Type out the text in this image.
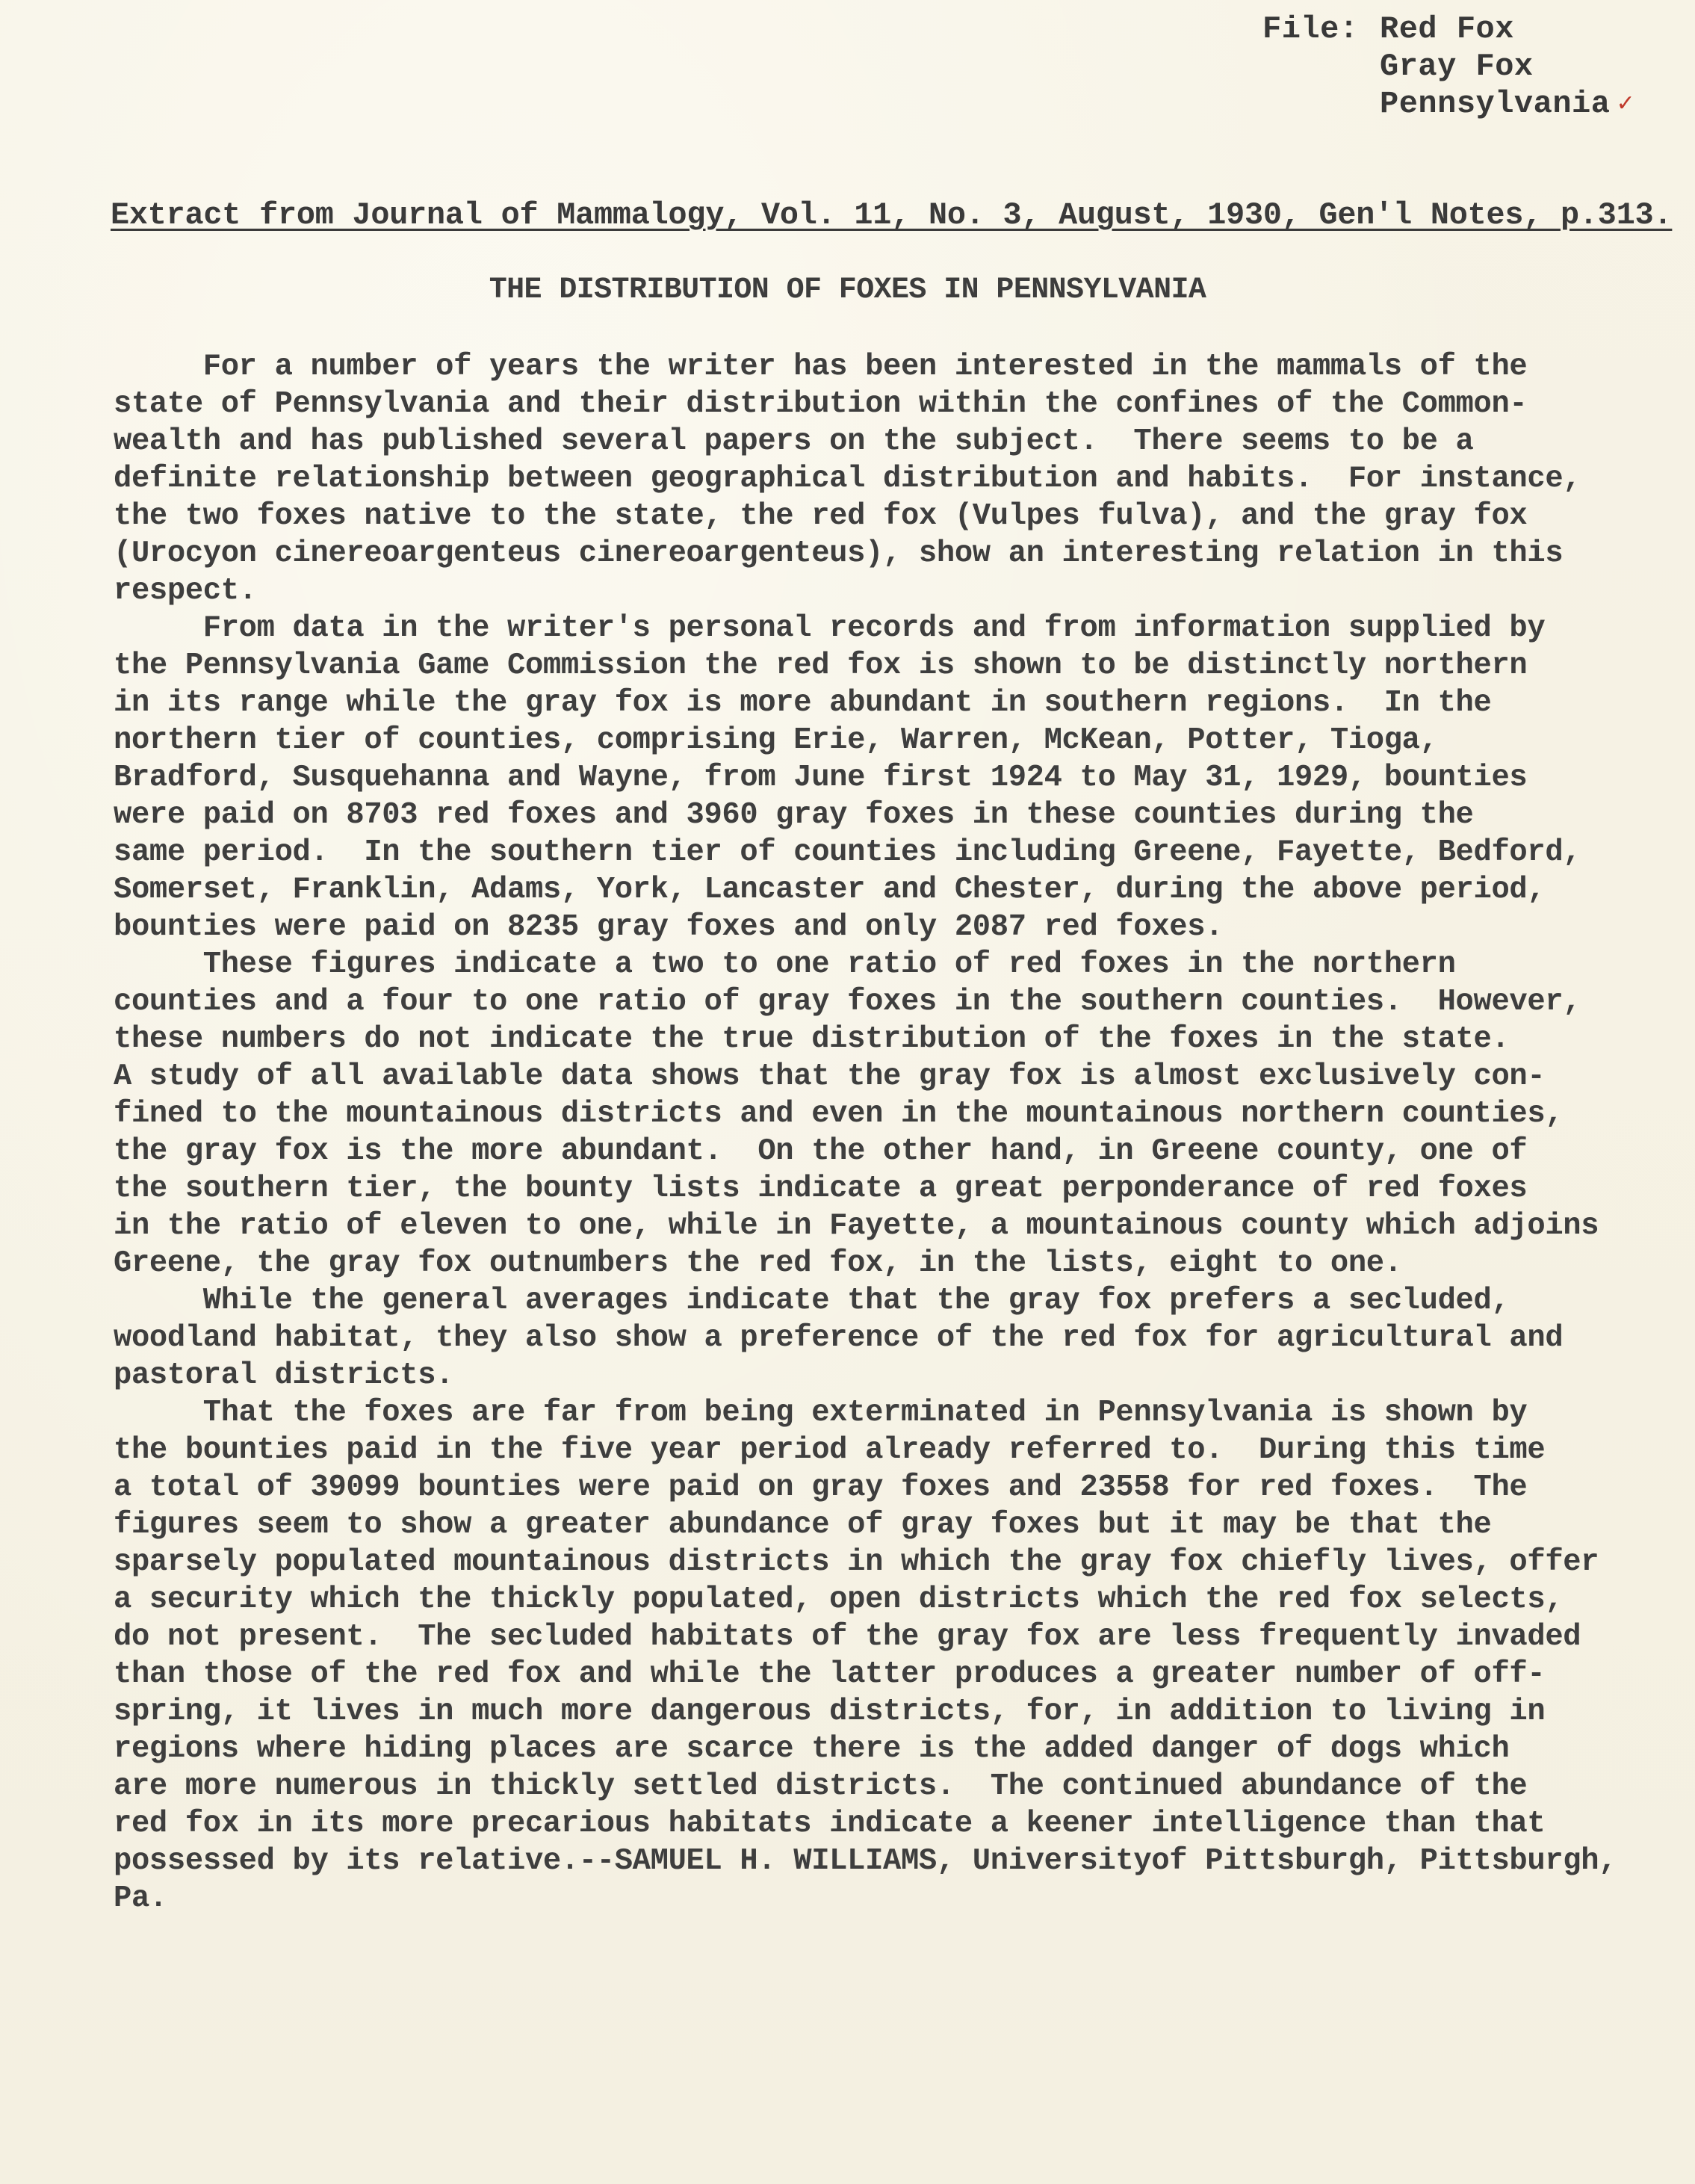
File: Red Fox
Gray Fox
Pennsylvania ✓
Extract from Journal of Mammalogy, Vol. 11, No. 3, August, 1930, Gen'l Notes, p.313.
THE DISTRIBUTION OF FOXES IN PENNSYLVANIA
For a number of years the writer has been interested in the mammals of the
state of Pennsylvania and their distribution within the confines of the Common-
wealth and has published several papers on the subject.  There seems to be a
definite relationship between geographical distribution and habits.  For instance,
the two foxes native to the state, the red fox (Vulpes fulva), and the gray fox
(Urocyon cinereoargenteus cinereoargenteus), show an interesting relation in this
respect.
From data in the writer's personal records and from information supplied by
the Pennsylvania Game Commission the red fox is shown to be distinctly northern
in its range while the gray fox is more abundant in southern regions.  In the
northern tier of counties, comprising Erie, Warren, McKean, Potter, Tioga,
Bradford, Susquehanna and Wayne, from June first 1924 to May 31, 1929, bounties
were paid on 8703 red foxes and 3960 gray foxes in these counties during the
same period.  In the southern tier of counties including Greene, Fayette, Bedford,
Somerset, Franklin, Adams, York, Lancaster and Chester, during the above period,
bounties were paid on 8235 gray foxes and only 2087 red foxes.
These figures indicate a two to one ratio of red foxes in the northern
counties and a four to one ratio of gray foxes in the southern counties.  However,
these numbers do not indicate the true distribution of the foxes in the state.
A study of all available data shows that the gray fox is almost exclusively con-
fined to the mountainous districts and even in the mountainous northern counties,
the gray fox is the more abundant.  On the other hand, in Greene county, one of
the southern tier, the bounty lists indicate a great perponderance of red foxes
in the ratio of eleven to one, while in Fayette, a mountainous county which adjoins
Greene, the gray fox outnumbers the red fox, in the lists, eight to one.
While the general averages indicate that the gray fox prefers a secluded,
woodland habitat, they also show a preference of the red fox for agricultural and
pastoral districts.
That the foxes are far from being exterminated in Pennsylvania is shown by
the bounties paid in the five year period already referred to.  During this time
a total of 39099 bounties were paid on gray foxes and 23558 for red foxes.  The
figures seem to show a greater abundance of gray foxes but it may be that the
sparsely populated mountainous districts in which the gray fox chiefly lives, offer
a security which the thickly populated, open districts which the red fox selects,
do not present.  The secluded habitats of the gray fox are less frequently invaded
than those of the red fox and while the latter produces a greater number of off-
spring, it lives in much more dangerous districts, for, in addition to living in
regions where hiding places are scarce there is the added danger of dogs which
are more numerous in thickly settled districts.  The continued abundance of the
red fox in its more precarious habitats indicate a keener intelligence than that
possessed by its relative.--SAMUEL H. WILLIAMS, Universityof Pittsburgh, Pittsburgh,
Pa.
